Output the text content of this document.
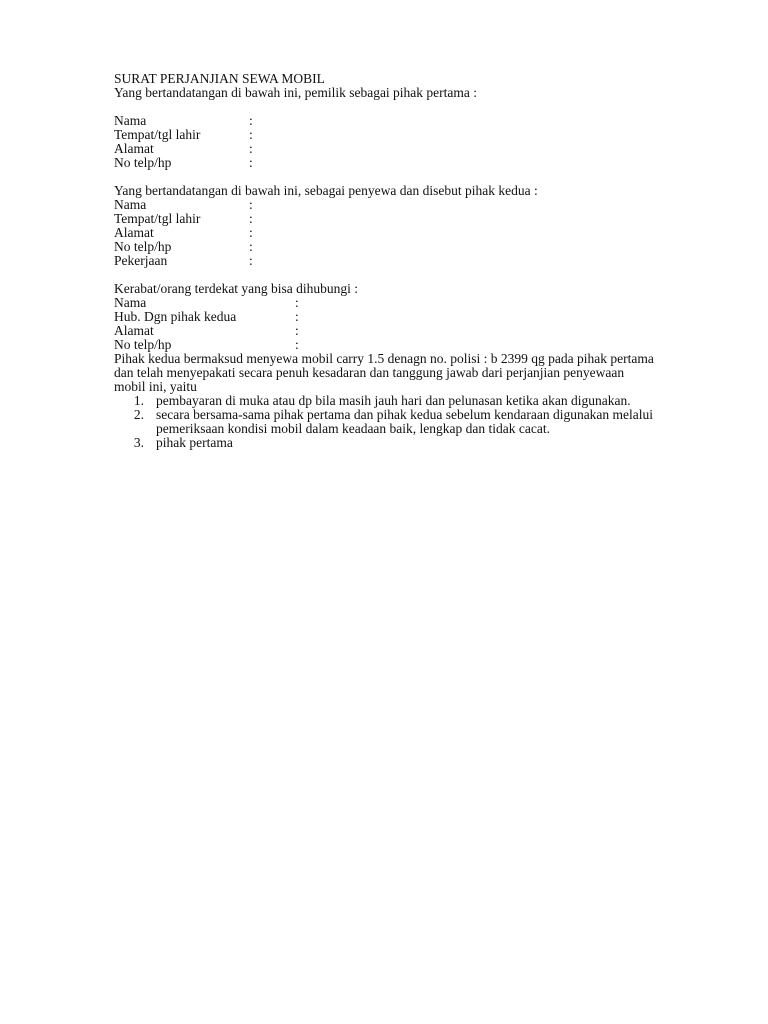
SURAT PERJANJIAN SEWA MOBIL
Yang bertandatangan di bawah ini, pemilik sebagai pihak pertama :
Nama	:
Tempat/tgl lahir	:
Alamat	:
No telp/hp	:
Yang bertandatangan di bawah ini, sebagai penyewa dan disebut pihak kedua :
Nama	:
Tempat/tgl lahir	:
Alamat	:
No telp/hp	:
Pekerjaan	:
Kerabat/orang terdekat yang bisa dihubungi :
Nama	:
Hub. Dgn pihak kedua	:
Alamat	:
No telp/hp	:
Pihak kedua bermaksud menyewa mobil carry 1.5 denagn no. polisi : b 2399 qg pada pihak pertama dan telah menyepakati secara penuh kesadaran dan tanggung jawab dari perjanjian penyewaan mobil ini, yaitu
1. pembayaran di muka atau dp bila masih jauh hari dan pelunasan ketika akan digunakan.
2. secara bersama-sama pihak pertama dan pihak kedua sebelum kendaraan digunakan melalui pemeriksaan kondisi mobil dalam keadaan baik, lengkap dan tidak cacat.
3. pihak pertama
